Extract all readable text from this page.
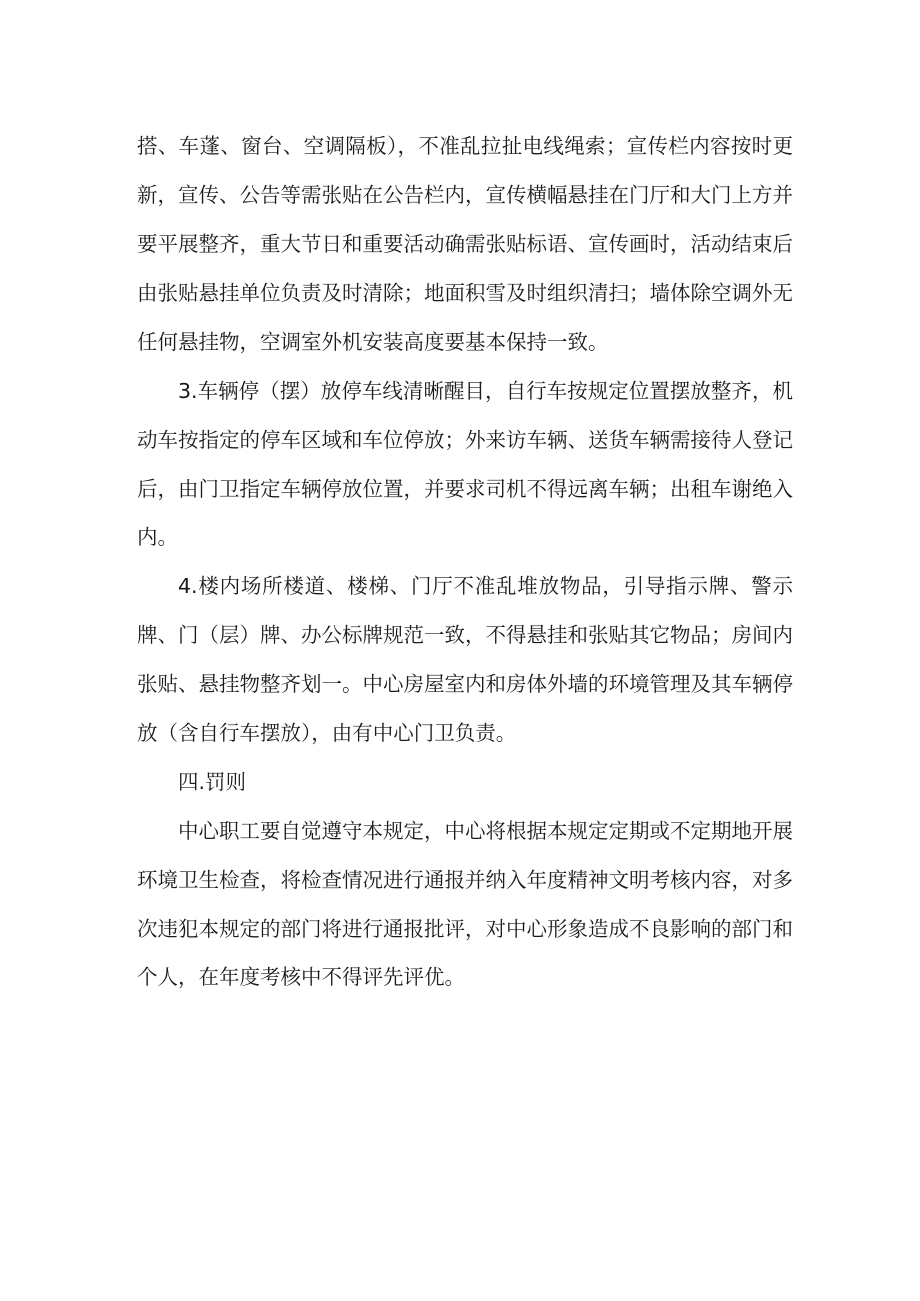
搭、车蓬、窗台、空调隔板），不准乱拉扯电线绳索；宣传栏内容按时更
新，宣传、公告等需张贴在公告栏内，宣传横幅悬挂在门厅和大门上方并
要平展整齐，重大节日和重要活动确需张贴标语、宣传画时，活动结束后
由张贴悬挂单位负责及时清除；地面积雪及时组织清扫；墙体除空调外无
任何悬挂物，空调室外机安装高度要基本保持一致。
3.车辆停（摆）放停车线清晰醒目，自行车按规定位置摆放整齐，机
动车按指定的停车区域和车位停放；外来访车辆、送货车辆需接待人登记
后，由门卫指定车辆停放位置，并要求司机不得远离车辆；出租车谢绝入
内。
4.楼内场所楼道、楼梯、门厅不准乱堆放物品，引导指示牌、警示
牌、门（层）牌、办公标牌规范一致，不得悬挂和张贴其它物品；房间内
张贴、悬挂物整齐划一。中心房屋室内和房体外墙的环境管理及其车辆停
放（含自行车摆放），由有中心门卫负责。
四.罚则
中心职工要自觉遵守本规定，中心将根据本规定定期或不定期地开展
环境卫生检查，将检查情况进行通报并纳入年度精神文明考核内容，对多
次违犯本规定的部门将进行通报批评，对中心形象造成不良影响的部门和
个人，在年度考核中不得评先评优。
